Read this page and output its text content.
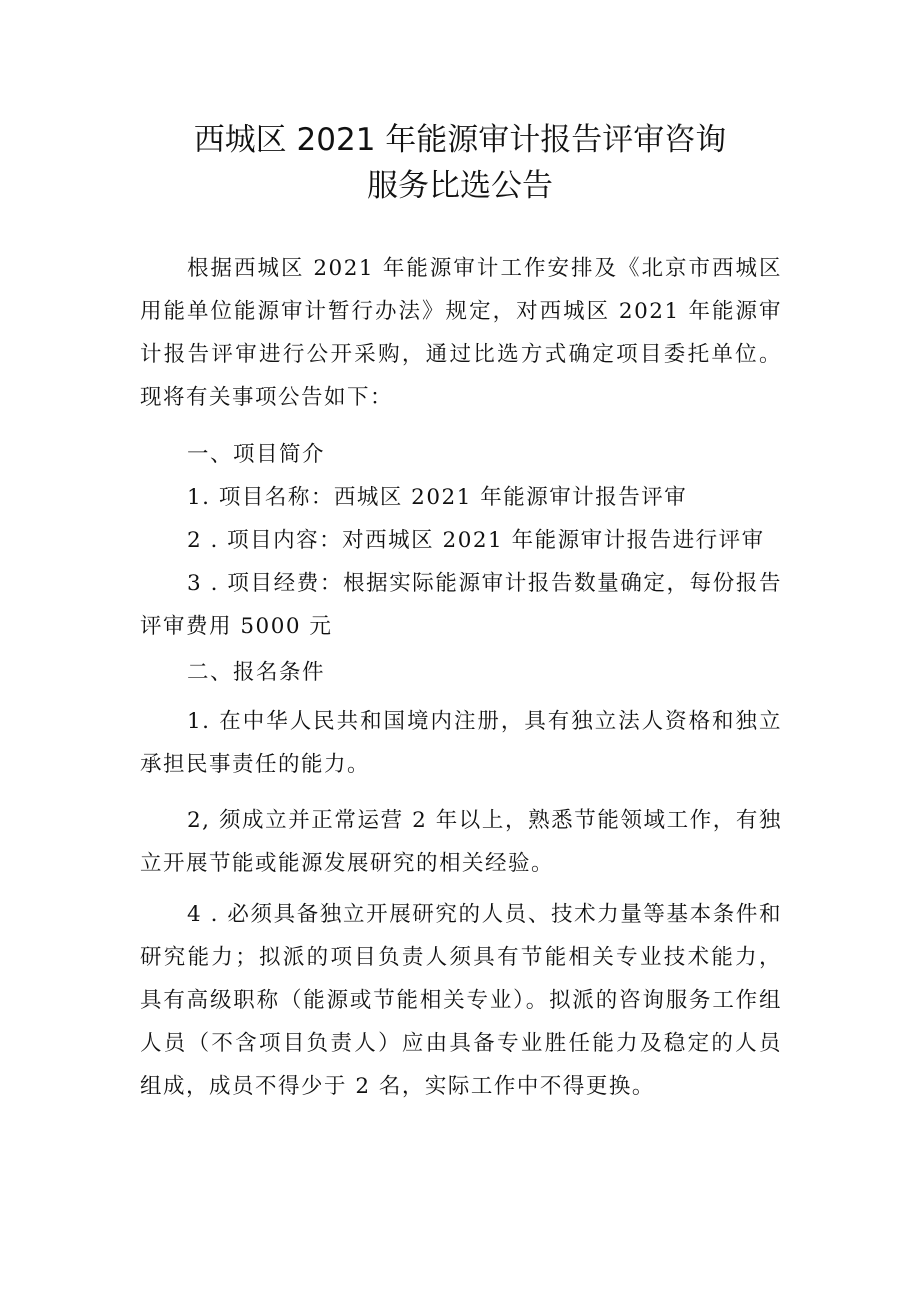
西城区 2021 年能源审计报告评审咨询
服务比选公告
根据西城区 2021 年能源审计工作安排及《北京市西城区用能单位能源审计暂行办法》规定，对西城区 2021 年能源审计报告评审进行公开采购，通过比选方式确定项目委托单位。现将有关事项公告如下：
一、项目简介
1. 项目名称：西城区 2021 年能源审计报告评审
2 . 项目内容：对西城区 2021 年能源审计报告进行评审
3 . 项目经费：根据实际能源审计报告数量确定，每份报告评审费用 5000 元
二、报名条件
1. 在中华人民共和国境内注册，具有独立法人资格和独立承担民事责任的能力。
2, 须成立并正常运营 2 年以上，熟悉节能领域工作，有独立开展节能或能源发展研究的相关经验。
4 . 必须具备独立开展研究的人员、技术力量等基本条件和研究能力；拟派的项目负责人须具有节能相关专业技术能力，具有高级职称（能源或节能相关专业）。拟派的咨询服务工作组人员（不含项目负责人）应由具备专业胜任能力及稳定的人员组成，成员不得少于 2 名，实际工作中不得更换。
